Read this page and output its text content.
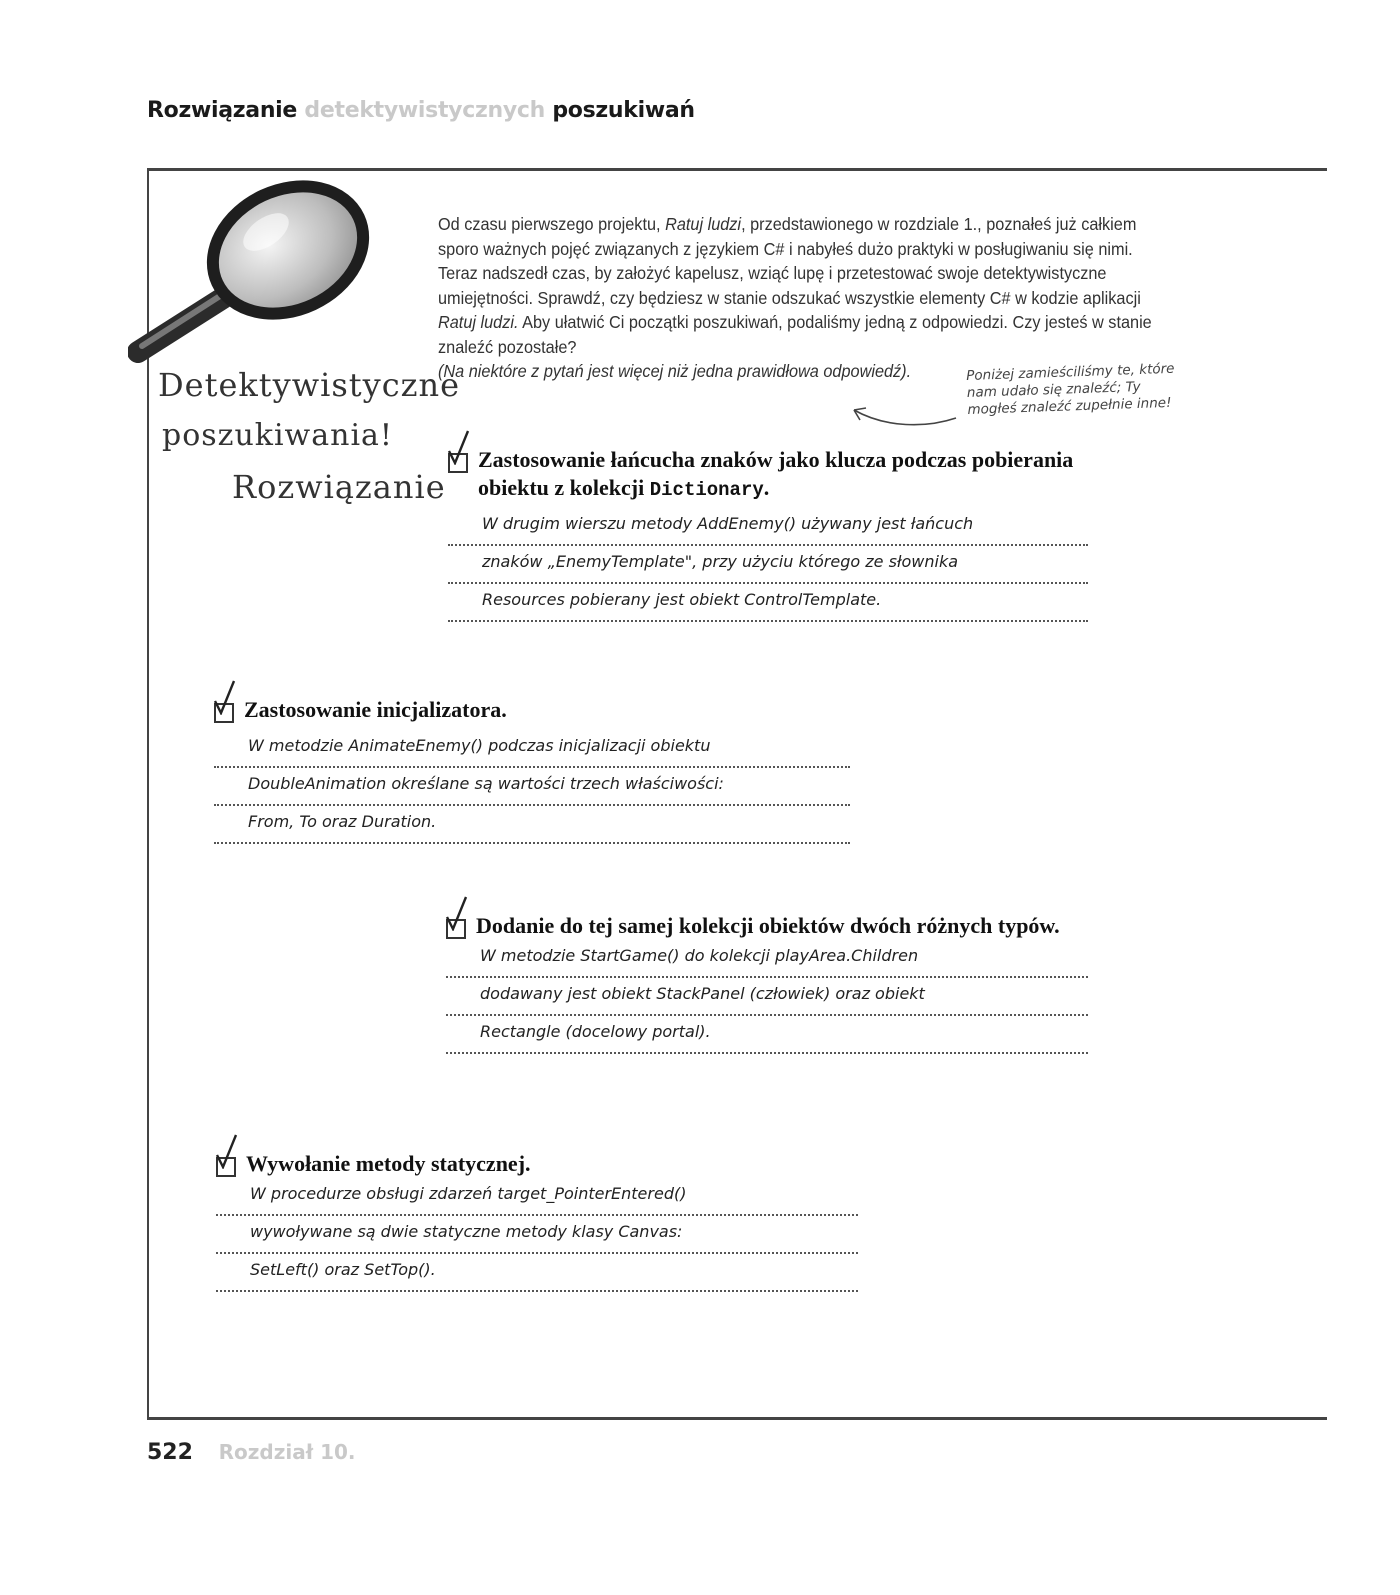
Rozwiązanie detektywistycznych poszukiwań
Detektywistyczne
poszukiwania!
Rozwiązanie

Od czasu pierwszego projektu, Ratuj ludzi, przedstawionego w rozdziale 1., poznałeś już całkiem sporo ważnych pojęć związanych z językiem C# i nabyłeś dużo praktyki w posługiwaniu się nimi. Teraz nadszedł czas, by założyć kapelusz, wziąć lupę i przetestować swoje detektywistyczne umiejętności. Sprawdź, czy będziesz w stanie odszukać wszystkie elementy C# w kodzie aplikacji Ratuj ludzi. Aby ułatwić Ci początki poszukiwań, podaliśmy jedną z odpowiedzi. Czy jesteś w stanie znaleźć pozostałe?

(Na niektóre z pytań jest więcej niż jedna prawidłowa odpowiedź).	Poniżej zamieściliśmy te, które
nam udało się znaleźć; Ty
mogłeś znaleźć zupełnie inne!
Zastosowanie łańcucha znaków jako klucza podczas pobierania
obiektu z kolekcji Dictionary.
W drugim wierszu metody AddEnemy() używany jest łańcuch
znaków „EnemyTemplate", przy użyciu którego ze słownika
Resources pobierany jest obiekt ControlTemplate.
Zastosowanie inicjalizatora.
W metodzie AnimateEnemy() podczas inicjalizacji obiektu
DoubleAnimation określane są wartości trzech właściwości:
From, To oraz Duration.
Dodanie do tej samej kolekcji obiektów dwóch różnych typów.
W metodzie StartGame() do kolekcji playArea.Children
dodawany jest obiekt StackPanel (człowiek) oraz obiekt
Rectangle (docelowy portal).
Wywołanie metody statycznej.
W procedurze obsługi zdarzeń target_PointerEntered()
wywoływane są dwie statyczne metody klasy Canvas:
SetLeft() oraz SetTop().
522 Rozdział 10.
